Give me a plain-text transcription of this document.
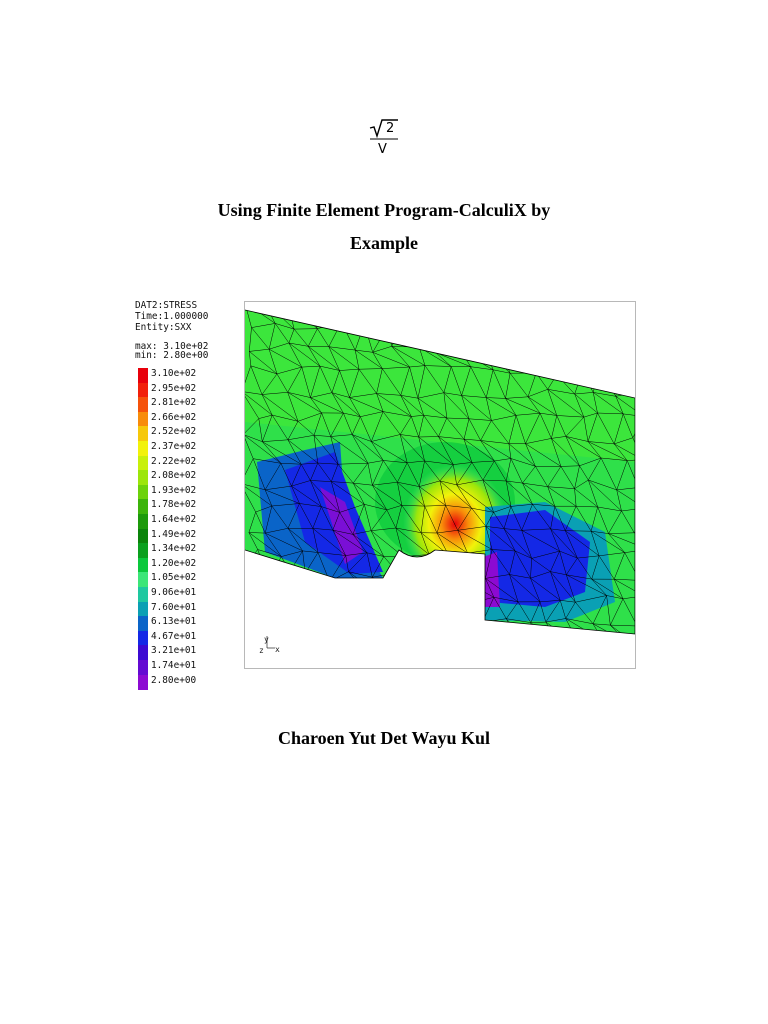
2
V
Using Finite Element Program-CalculiX by
Example
DAT2:STRESS
Time:1.000000
Entity:SXX
max: 3.10e+02
min: 2.80e+00
3.10e+02
2.95e+02
2.81e+02
2.66e+02
2.52e+02
2.37e+02
2.22e+02
2.08e+02
1.93e+02
1.78e+02
1.64e+02
1.49e+02
1.34e+02
1.20e+02
1.05e+02
9.06e+01
7.60e+01
6.13e+01
4.67e+01
3.21e+01
1.74e+01
2.80e+00
y
x
z
Charoen Yut Det Wayu Kul
